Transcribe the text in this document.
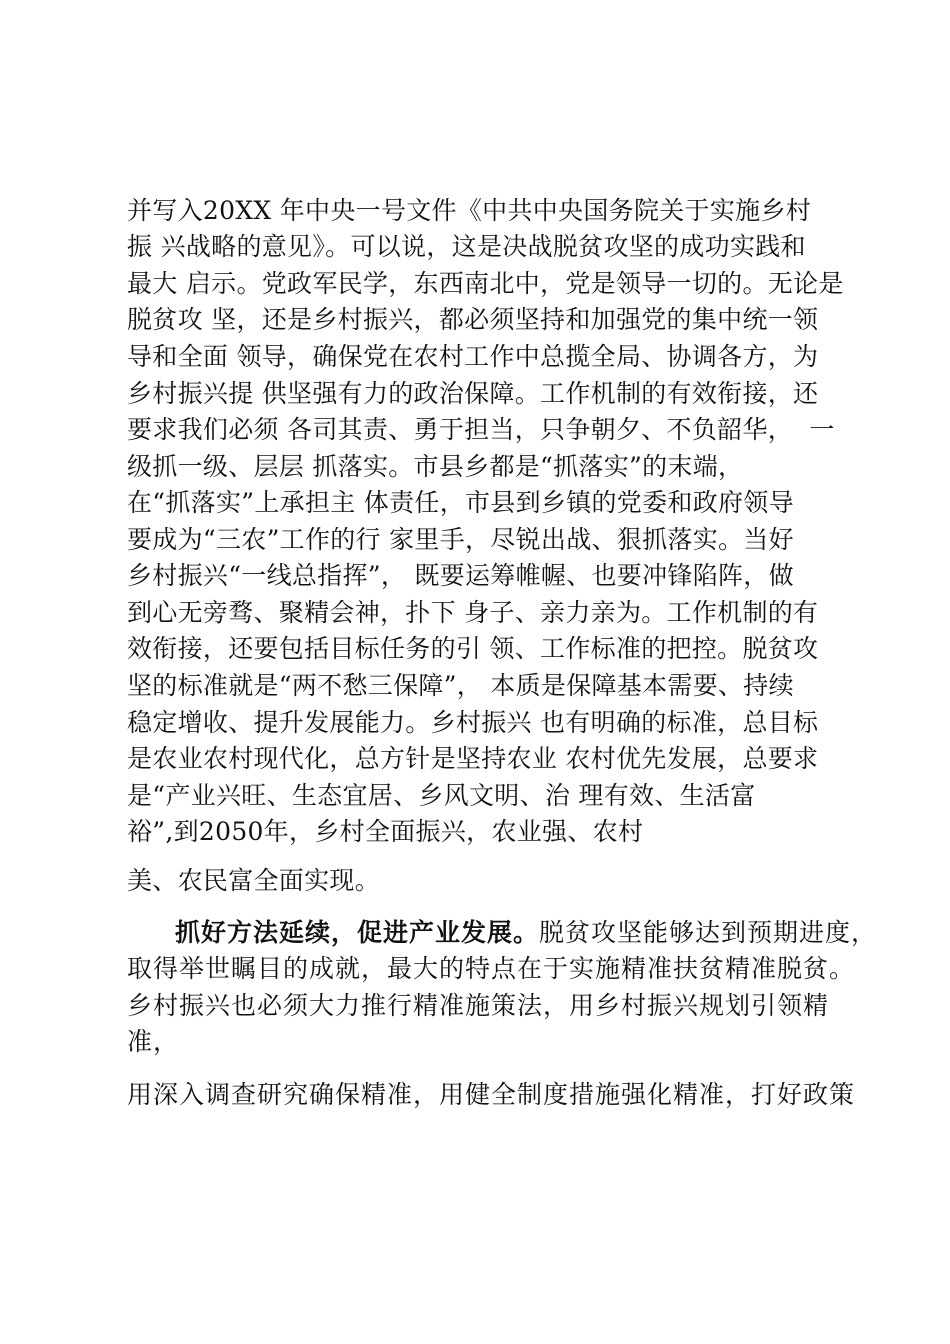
并写入20XX 年中央一号文件《中共中央国务院关于实施乡村
振 兴战略的意见》。可以说，这是决战脱贫攻坚的成功实践和
最大 启示。党政军民学，东西南北中，党是领导一切的。无论是
脱贫攻 坚，还是乡村振兴，都必须坚持和加强党的集中统一领
导和全面 领导，确保党在农村工作中总揽全局、协调各方，为
乡村振兴提 供坚强有力的政治保障。工作机制的有效衔接，还
要求我们必须 各司其责、勇于担当，只争朝夕、不负韶华，  一
级抓一级、层层 抓落实。市县乡都是“抓落实”的末端，
在“抓落实”上承担主 体责任，市县到乡镇的党委和政府领导
要成为“三农”工作的行 家里手，尽锐出战、狠抓落实。当好
乡村振兴“一线总指挥”， 既要运筹帷幄、也要冲锋陷阵，做
到心无旁骛、聚精会神，扑下 身子、亲力亲为。工作机制的有
效衔接，还要包括目标任务的引 领、工作标准的把控。脱贫攻
坚的标准就是“两不愁三保障”， 本质是保障基本需要、持续
稳定增收、提升发展能力。乡村振兴 也有明确的标准，总目标
是农业农村现代化，总方针是坚持农业 农村优先发展，总要求
是“产业兴旺、生态宜居、乡风文明、治 理有效、生活富
裕”,到2050年，乡村全面振兴，农业强、农村
美、农民富全面实现。
抓好方法延续，促进产业发展。脱贫攻坚能够达到预期进度，
取得举世瞩目的成就，最大的特点在于实施精准扶贫精准脱贫。
乡村振兴也必须大力推行精准施策法，用乡村振兴规划引领精
准，
用深入调查研究确保精准，用健全制度措施强化精准，打好政策
